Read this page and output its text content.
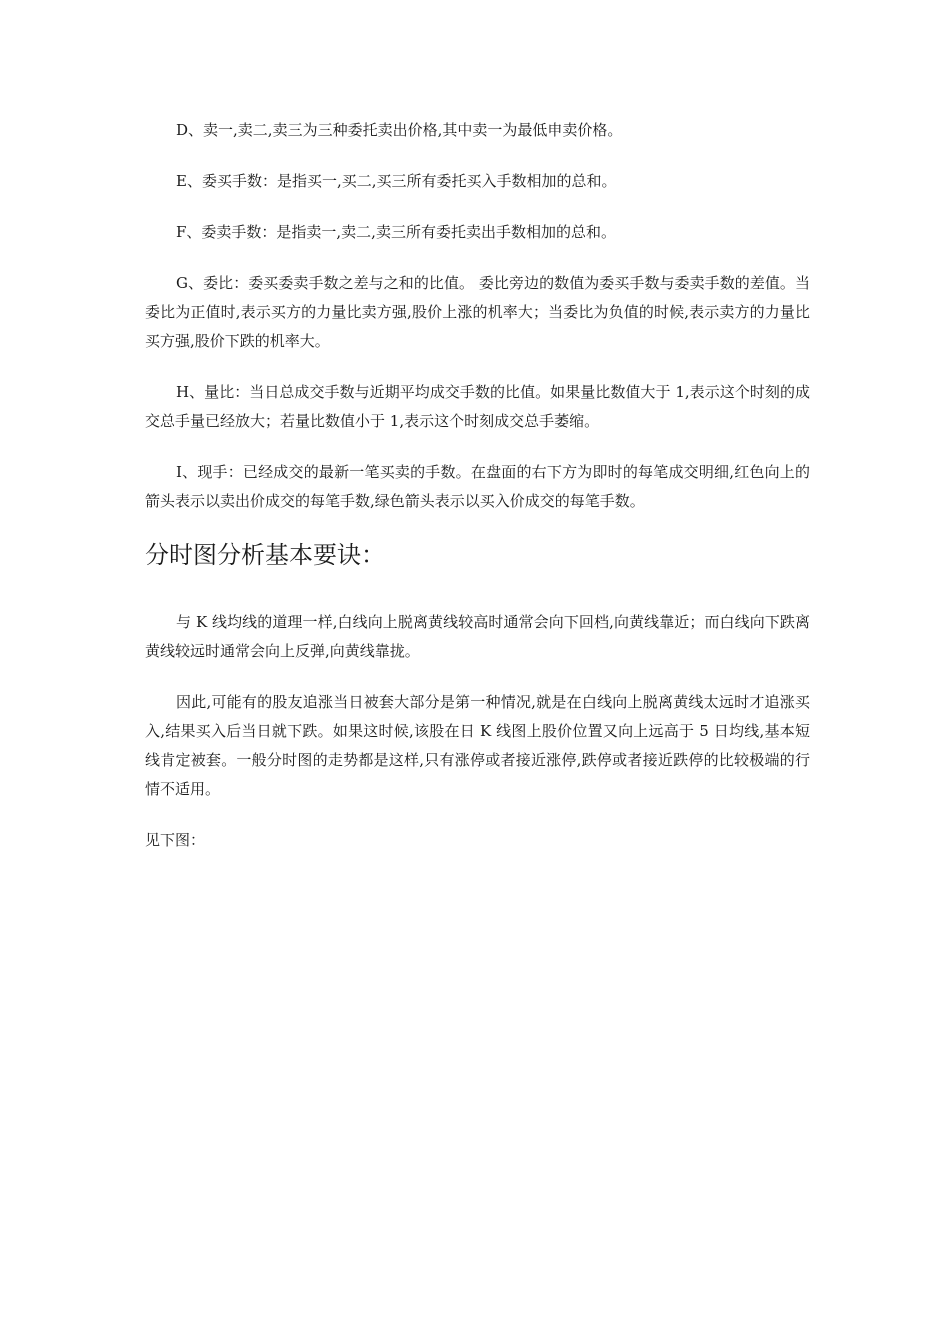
D、卖一,卖二,卖三为三种委托卖出价格,其中卖一为最低申卖价格。

E、委买手数：是指买一,买二,买三所有委托买入手数相加的总和。

F、委卖手数：是指卖一,卖二,卖三所有委托卖出手数相加的总和。

G、委比：委买委卖手数之差与之和的比值。 委比旁边的数值为委买手数与委卖手数的差值。当委比为正值时,表示买方的力量比卖方强,股价上涨的机率大；当委比为负值的时候,表示卖方的力量比买方强,股价下跌的机率大。

H、量比：当日总成交手数与近期平均成交手数的比值。如果量比数值大于 1,表示这个时刻的成交总手量已经放大；若量比数值小于 1,表示这个时刻成交总手萎缩。

I、现手：已经成交的最新一笔买卖的手数。在盘面的右下方为即时的每笔成交明细,红色向上的箭头表示以卖出价成交的每笔手数,绿色箭头表示以买入价成交的每笔手数。

分时图分析基本要诀：

与 K 线均线的道理一样,白线向上脱离黄线较高时通常会向下回档,向黄线靠近；而白线向下跌离黄线较远时通常会向上反弹,向黄线靠拢。

因此,可能有的股友追涨当日被套大部分是第一种情况,就是在白线向上脱离黄线太远时才追涨买入,结果买入后当日就下跌。如果这时候,该股在日 K 线图上股价位置又向上远高于 5 日均线,基本短线肯定被套。一般分时图的走势都是这样,只有涨停或者接近涨停,跌停或者接近跌停的比较极端的行情不适用。

见下图：
